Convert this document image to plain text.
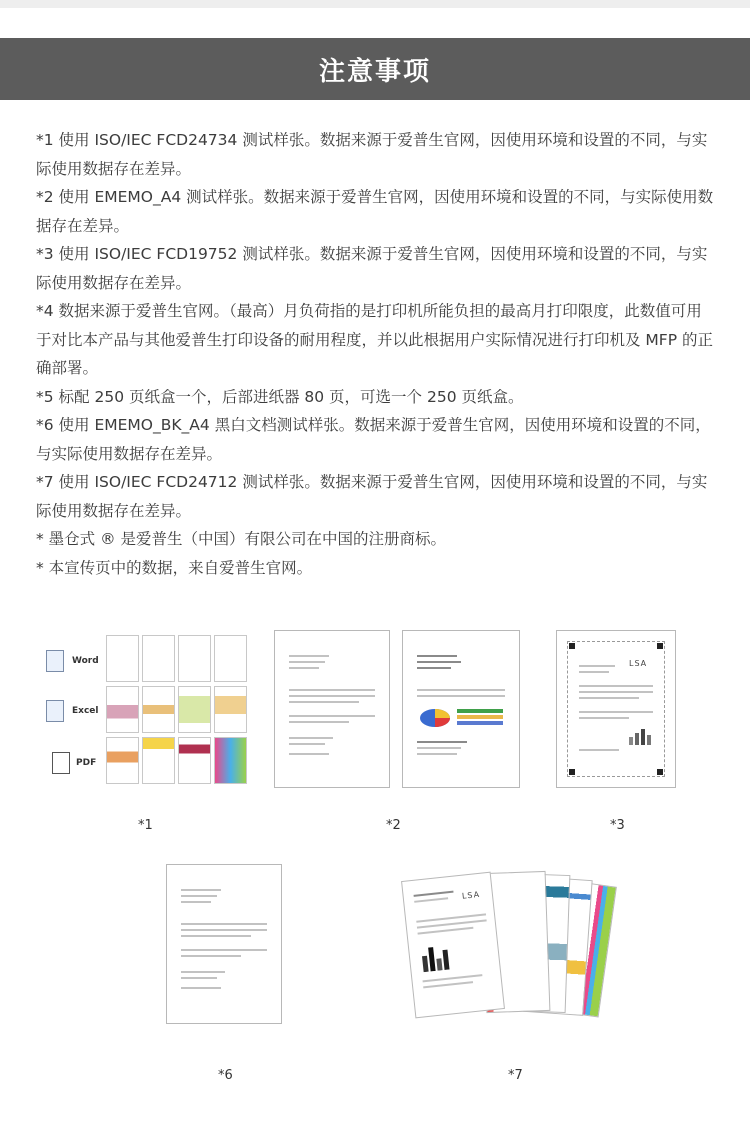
注意事项

*1 使用 ISO/IEC FCD24734 测试样张。数据来源于爱普生官网，因使用环境和设置的不同，与实际使用数据存在差异。

*2 使用 EMEMO_A4 测试样张。数据来源于爱普生官网，因使用环境和设置的不同，与实际使用数据存在差异。

*3 使用 ISO/IEC FCD19752 测试样张。数据来源于爱普生官网，因使用环境和设置的不同，与实际使用数据存在差异。

*4 数据来源于爱普生官网。（最高）月负荷指的是打印机所能负担的最高月打印限度，此数值可用于对比本产品与其他爱普生打印设备的耐用程度，并以此根据用户实际情况进行打印机及 MFP 的正确部署。

*5 标配 250 页纸盒一个，后部进纸器 80 页，可选一个 250 页纸盒。

*6 使用 EMEMO_BK_A4 黑白文档测试样张。数据来源于爱普生官网，因使用环境和设置的不同，与实际使用数据存在差异。

*7 使用 ISO/IEC FCD24712 测试样张。数据来源于爱普生官网，因使用环境和设置的不同，与实际使用数据存在差异。

* 墨仓式 ® 是爱普生（中国）有限公司在中国的注册商标。

* 本宣传页中的数据，来自爱普生官网。

Word
Excel
PDF
*1	*2
LSA
*3
*6
LSA
*7
